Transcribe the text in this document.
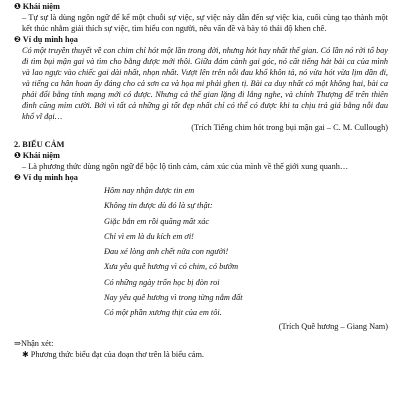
❶ Khái niệm
– Tự sự là dùng ngôn ngữ để kể một chuỗi sự việc, sự việc này dẫn đến sự việc kia, cuối cùng tạo thành một kết thúc nhằm giải thích sự việc, tìm hiểu con người, nêu vấn đề và bày tỏ thái độ khen chê.
❷ Ví dụ minh họa
Có một truyền thuyết về con chim chỉ hót một lần trong đời, nhưng hót hay nhất thế gian. Có lần nó rời tổ bay đi tìm bụi mận gai và tìm cho bằng được mới thôi. Giữa đám cành gai góc, nó cất tiếng hát bài ca của mình và lao ngực vào chiếc gai dài nhất, nhọn nhất. Vượt lên trên nỗi đau khổ khôn tả, nó vừa hót vừa lịm dần đi, và tiếng ca hân hoan ấy đáng cho cả sơn ca và họa mi phải ghen tị. Bài ca duy nhất có một không hai, bài ca phải đổi bằng tính mạng mới có được. Nhưng cả thế gian lặng đi lắng nghe, và chính Thượng đế trên thiên đình cũng mỉm cười. Bởi vì tất cả những gì tốt đẹp nhất chỉ có thể có được khi ta chịu trả giá bằng nỗi đau khổ vĩ đại…
(Trích Tiếng chim hót trong bụi mận gai – C. M. Cullough)
2. BIỂU CẢM
❶ Khái niệm
– Là phương thức dùng ngôn ngữ để bộc lộ tình cảm, cảm xúc của mình về thế giới xung quanh…
❷ Ví dụ minh họa
Hôm nay nhận được tin em
Không tin được dù đó là sự thật:
Giặc bắn em rồi quăng mất xác
Chỉ vì em là du kích em ơi!
Đau xé lòng anh chết nửa con người!
Xưa yêu quê hương vì có chim, có bướm
Có những ngày trốn học bị đòn roi
Nay yêu quê hương vì trong từng nắm đất
Có một phần xương thịt của em tôi.
(Trích Quê hương – Giang Nam)
⇒Nhận xét:
✱ Phương thức biểu đạt của đoạn thơ trên là biểu cảm.
